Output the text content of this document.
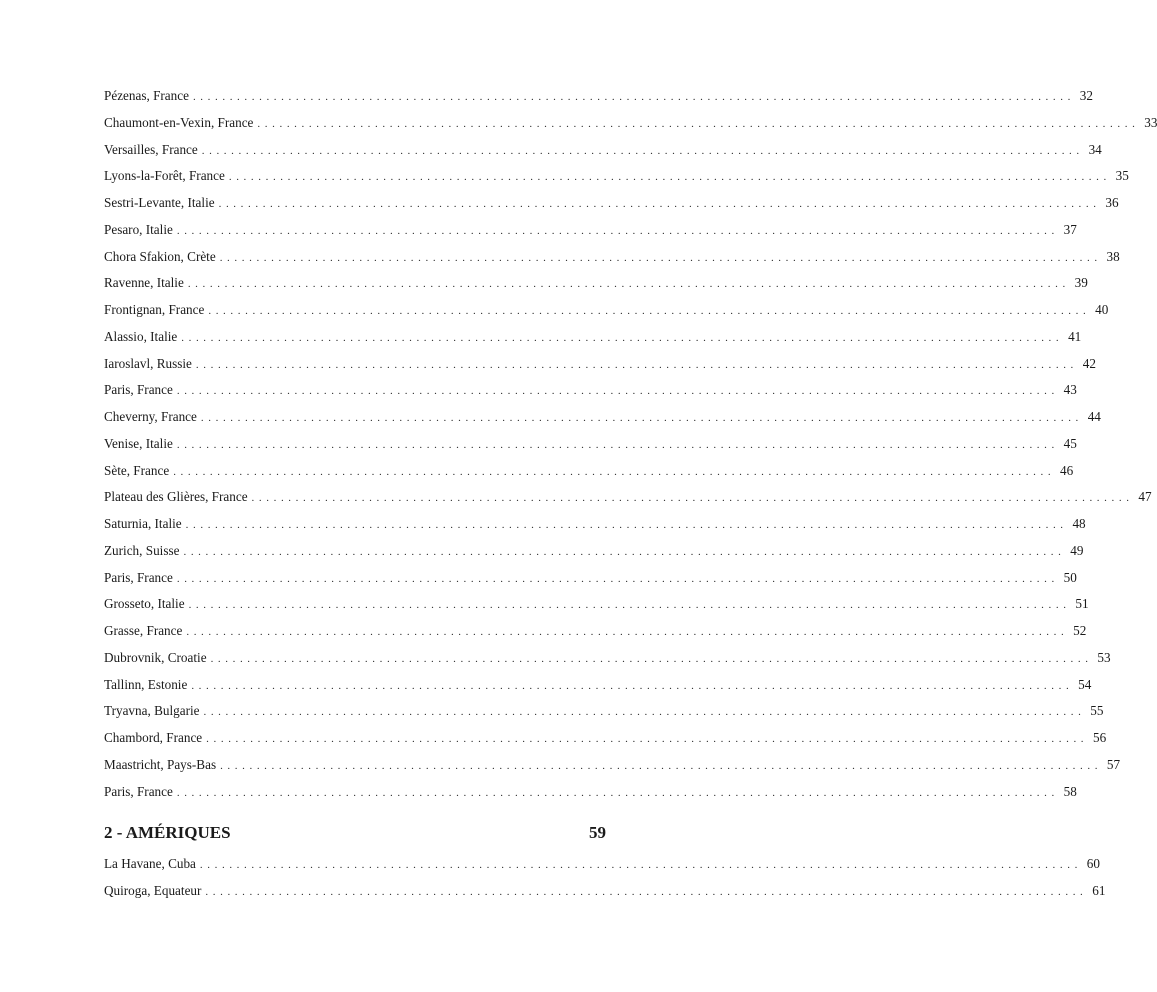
Pézenas, France ........................................................................................................................ 32
Chaumont-en-Vexin, France ........................................................................................................................ 33
Versailles, France ........................................................................................................................ 34
Lyons-la-Forêt, France ........................................................................................................................ 35
Sestri-Levante, Italie ........................................................................................................................ 36
Pesaro, Italie ........................................................................................................................ 37
Chora Sfakion, Crète ........................................................................................................................ 38
Ravenne, Italie ........................................................................................................................ 39
Frontignan, France ........................................................................................................................ 40
Alassio, Italie ........................................................................................................................ 41
Iaroslavl, Russie ........................................................................................................................ 42
Paris, France ........................................................................................................................ 43
Cheverny, France ........................................................................................................................ 44
Venise, Italie ........................................................................................................................ 45
Sète, France ........................................................................................................................ 46
Plateau des Glières, France ........................................................................................................................ 47
Saturnia, Italie ........................................................................................................................ 48
Zurich, Suisse ........................................................................................................................ 49
Paris, France ........................................................................................................................ 50
Grosseto, Italie ........................................................................................................................ 51
Grasse, France ........................................................................................................................ 52
Dubrovnik, Croatie ........................................................................................................................ 53
Tallinn, Estonie ........................................................................................................................ 54
Tryavna, Bulgarie ........................................................................................................................ 55
Chambord, France ........................................................................................................................ 56
Maastricht, Pays-Bas ........................................................................................................................ 57
Paris, France ........................................................................................................................ 58
2 - AMÉRIQUES	59
La Havane, Cuba ........................................................................................................................ 60
Quiroga, Equateur ........................................................................................................................ 61
